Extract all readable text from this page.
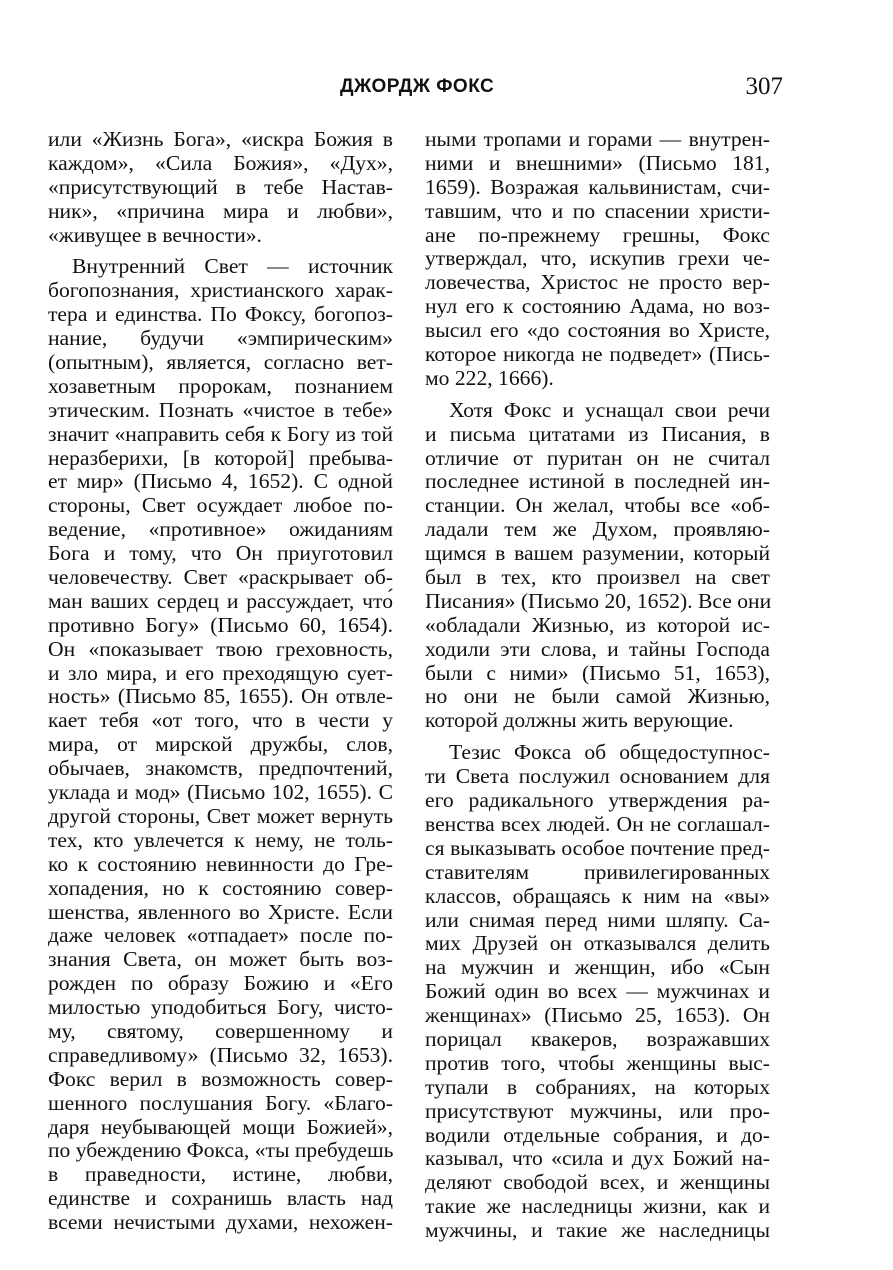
ДЖОРДЖ ФОКС	307
или «Жизнь Бога», «искра Божия в
каждом», «Сила Божия», «Дух»,
«присутствующий в тебе Настав-
ник», «причина мира и любви»,
«живущее в вечности».
Внутренний Свет — источник
богопознания, христианского харак-
тера и единства. По Фоксу, богопоз-
нание, будучи «эмпирическим»
(опытным), является, согласно вет-
хозаветным пророкам, познанием
этическим. Познать «чистое в тебе»
значит «направить себя к Богу из той
неразберихи, [в которой] пребыва-
ет мир» (Письмо 4, 1652). С одной
стороны, Свет осуждает любое по-
ведение, «противное» ожиданиям
Бога и тому, что Он приуготовил
человечеству. Свет «раскрывает об-
ман ваших сердец и рассуждает, что́
противно Богу» (Письмо 60, 1654).
Он «показывает твою греховность,
и зло мира, и его преходящую сует-
ность» (Письмо 85, 1655). Он отвле-
кает тебя «от того, что в чести у
мира, от мирской дружбы, слов,
обычаев, знакомств, предпочтений,
уклада и мод» (Письмо 102, 1655). С
другой стороны, Свет может вернуть
тех, кто увлечется к нему, не толь-
ко к состоянию невинности до Гре-
хопадения, но к состоянию совер-
шенства, явленного во Христе. Если
даже человек «отпадает» после по-
знания Света, он может быть воз-
рожден по образу Божию и «Его
милостью уподобиться Богу, чисто-
му, святому, совершенному и
справедливому» (Письмо 32, 1653).
Фокс верил в возможность совер-
шенного послушания Богу. «Благо-
даря неубывающей мощи Божией»,
по убеждению Фокса, «ты пребудешь
в праведности, истине, любви,
единстве и сохранишь власть над
всеми нечистыми духами, нехожен-
ными тропами и горами — внутрен-
ними и внешними» (Письмо 181,
1659). Возражая кальвинистам, счи-
тавшим, что и по спасении христи-
ане по-прежнему грешны, Фокс
утверждал, что, искупив грехи че-
ловечества, Христос не просто вер-
нул его к состоянию Адама, но воз-
высил его «до состояния во Христе,
которое никогда не подведет» (Пись-
мо 222, 1666).
Хотя Фокс и уснащал свои речи
и письма цитатами из Писания, в
отличие от пуритан он не считал
последнее истиной в последней ин-
станции. Он желал, чтобы все «об-
ладали тем же Духом, проявляю-
щимся в вашем разумении, который
был в тех, кто произвел на свет
Писания» (Письмо 20, 1652). Все они
«обладали Жизнью, из которой ис-
ходили эти слова, и тайны Господа
были с ними» (Письмо 51, 1653),
но они не были самой Жизнью,
которой должны жить верующие.
Тезис Фокса об общедоступнос-
ти Света послужил основанием для
его радикального утверждения ра-
венства всех людей. Он не соглашал-
ся выказывать особое почтение пред-
ставителям привилегированных
классов, обращаясь к ним на «вы»
или снимая перед ними шляпу. Са-
мих Друзей он отказывался делить
на мужчин и женщин, ибо «Сын
Божий один во всех — мужчинах и
женщинах» (Письмо 25, 1653). Он
порицал квакеров, возражавших
против того, чтобы женщины выс-
тупали в собраниях, на которых
присутствуют мужчины, или про-
водили отдельные собрания, и до-
казывал, что «сила и дух Божий на-
деляют свободой всех, и женщины
такие же наследницы жизни, как и
мужчины, и такие же наследницы
